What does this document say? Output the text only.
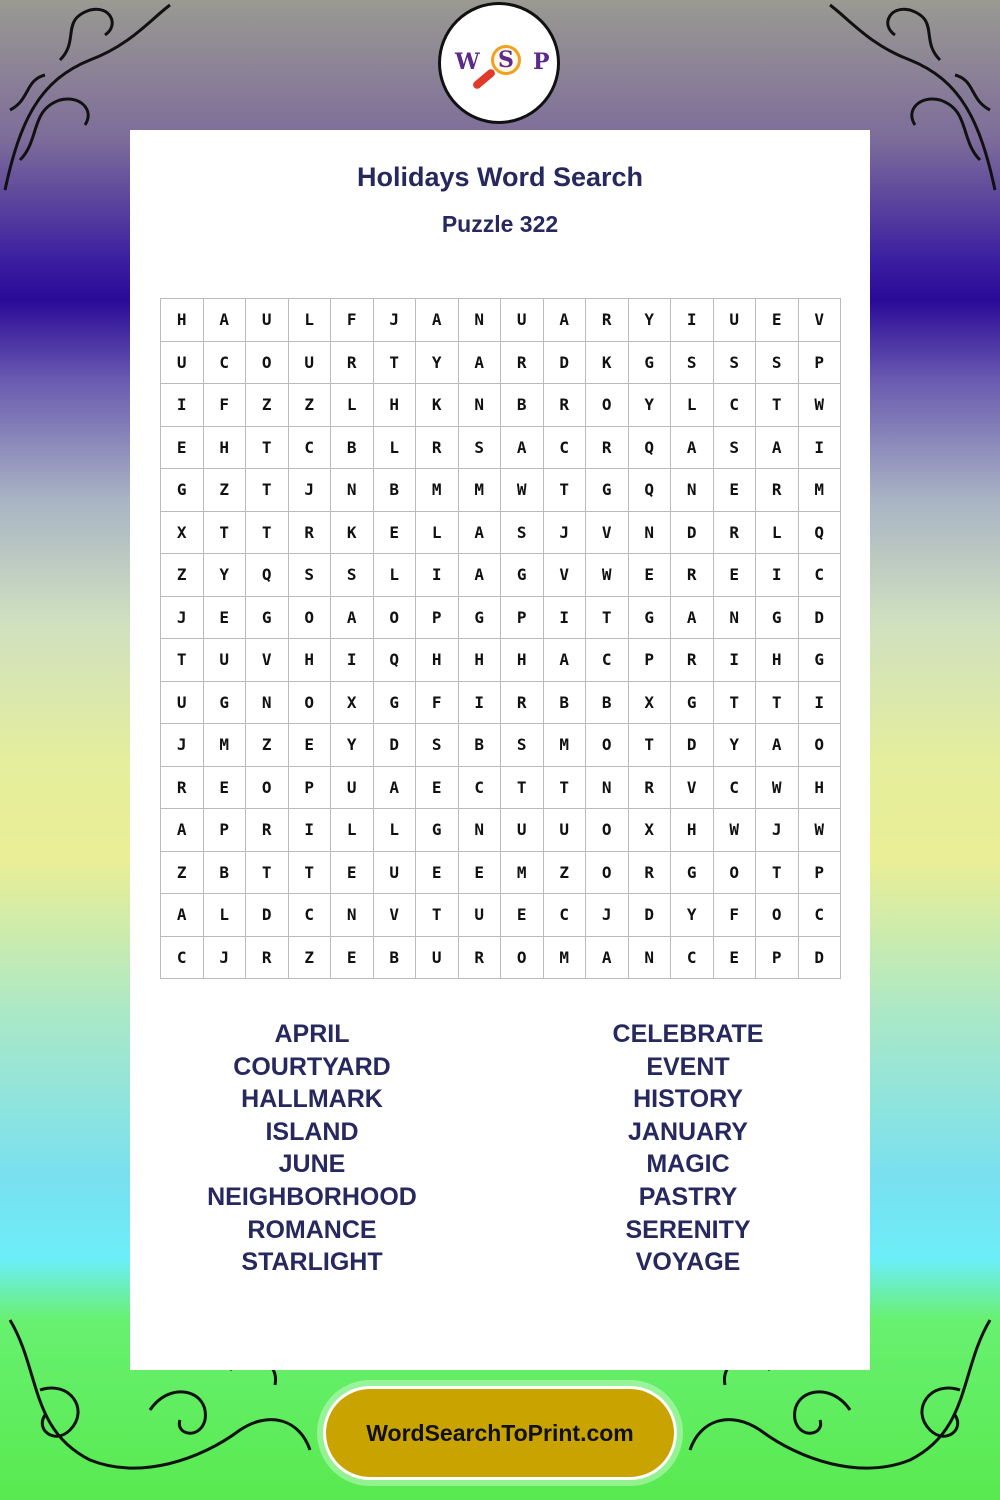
W S P
Holidays Word Search
Puzzle 322
H	A	U	L	F	J	A	N	U	A	R	Y	I	U	E	V
U	C	O	U	R	T	Y	A	R	D	K	G	S	S	S	P
I	F	Z	Z	L	H	K	N	B	R	O	Y	L	C	T	W
E	H	T	C	B	L	R	S	A	C	R	Q	A	S	A	I
G	Z	T	J	N	B	M	M	W	T	G	Q	N	E	R	M
X	T	T	R	K	E	L	A	S	J	V	N	D	R	L	Q
Z	Y	Q	S	S	L	I	A	G	V	W	E	R	E	I	C
J	E	G	O	A	O	P	G	P	I	T	G	A	N	G	D
T	U	V	H	I	Q	H	H	H	A	C	P	R	I	H	G
U	G	N	O	X	G	F	I	R	B	B	X	G	T	T	I
J	M	Z	E	Y	D	S	B	S	M	O	T	D	Y	A	O
R	E	O	P	U	A	E	C	T	T	N	R	V	C	W	H
A	P	R	I	L	L	G	N	U	U	O	X	H	W	J	W
Z	B	T	T	E	U	E	E	M	Z	O	R	G	O	T	P
A	L	D	C	N	V	T	U	E	C	J	D	Y	F	O	C
C	J	R	Z	E	B	U	R	O	M	A	N	C	E	P	D
APRIL
COURTYARD
HALLMARK
ISLAND
JUNE
NEIGHBORHOOD
ROMANCE
STARLIGHT
CELEBRATE
EVENT
HISTORY
JANUARY
MAGIC
PASTRY
SERENITY
VOYAGE
WordSearchToPrint.com
